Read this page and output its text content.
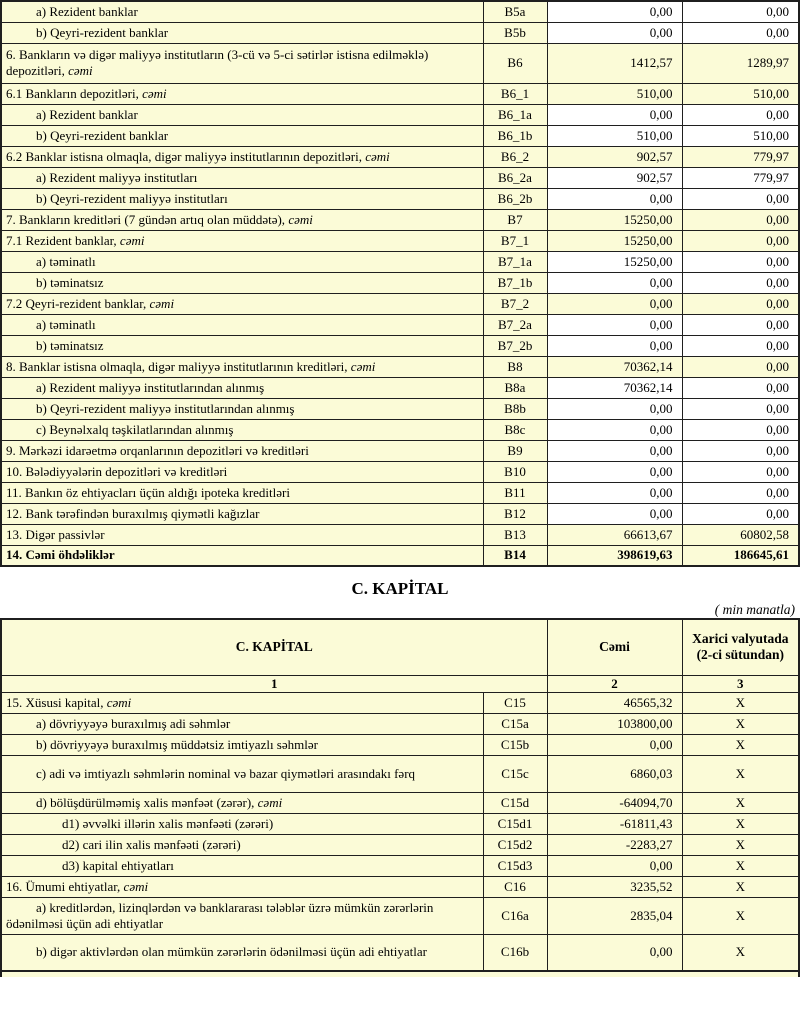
a) Rezident banklar	B5a	0,00	0,00
b) Qeyri-rezident banklar	B5b	0,00	0,00
6. Bankların və digər maliyyə institutların (3-cü və 5-ci sətirlər istisna edilməklə) depozitləri, cəmi	B6	1412,57	1289,97
6.1 Bankların depozitləri, cəmi	B6_1	510,00	510,00
a) Rezident banklar	B6_1a	0,00	0,00
b) Qeyri-rezident banklar	B6_1b	510,00	510,00
6.2 Banklar istisna olmaqla, digər maliyyə institutlarının depozitləri, cəmi	B6_2	902,57	779,97
a) Rezident maliyyə institutları	B6_2a	902,57	779,97
b) Qeyri-rezident maliyyə institutları	B6_2b	0,00	0,00
7. Bankların kreditləri (7 gündən artıq olan müddətə), cəmi	B7	15250,00	0,00
7.1 Rezident banklar, cəmi	B7_1	15250,00	0,00
a) təminatlı	B7_1a	15250,00	0,00
b) təminatsız	B7_1b	0,00	0,00
7.2 Qeyri-rezident banklar, cəmi	B7_2	0,00	0,00
a) təminatlı	B7_2a	0,00	0,00
b) təminatsız	B7_2b	0,00	0,00
8. Banklar istisna olmaqla, digər maliyyə institutlarının kreditləri, cəmi	B8	70362,14	0,00
a) Rezident maliyyə institutlarından alınmış	B8a	70362,14	0,00
b) Qeyri-rezident maliyyə institutlarından alınmış	B8b	0,00	0,00
c) Beynəlxalq təşkilatlarından alınmış	B8c	0,00	0,00
9. Mərkəzi idarəetmə orqanlarının depozitləri və kreditləri	B9	0,00	0,00
10. Bələdiyyələrin depozitləri və kreditləri	B10	0,00	0,00
11. Bankın öz ehtiyacları üçün aldığı ipoteka kreditləri	B11	0,00	0,00
12. Bank tərəfindən buraxılmış qiymətli kağızlar	B12	0,00	0,00
13. Digər passivlər	B13	66613,67	60802,58
14. Cəmi öhdəliklər	B14	398619,63	186645,61
C. KAPİTAL
( min manatla)
C. KAPİTAL		Cəmi	Xarici valyutada (2-ci sütundan)
1		2	3
15. Xüsusi kapital, cəmi	C15	46565,32	X
a) dövriyyəyə buraxılmış adi səhmlər	C15a	103800,00	X
b) dövriyyəyə buraxılmış müddətsiz imtiyazlı səhmlər	C15b	0,00	X
c) adi və imtiyazlı səhmlərin nominal və bazar qiymətləri arasındakı fərq	C15c	6860,03	X
d) bölüşdürülməmiş xalis mənfəət (zərər), cəmi	C15d	-64094,70	X
d1) əvvəlki illərin xalis mənfəəti (zərəri)	C15d1	-61811,43	X
d2) cari ilin xalis mənfəəti (zərəri)	C15d2	-2283,27	X
d3) kapital ehtiyatları	C15d3	0,00	X
16. Ümumi ehtiyatlar, cəmi	C16	3235,52	X
a) kreditlərdən, lizinqlərdən və banklararası tələblər üzrə mümkün zərərlərin ödənilməsi üçün adi ehtiyatlar	C16a	2835,04	X
b) digər aktivlərdən olan mümkün zərərlərin ödənilməsi üçün adi ehtiyatlar	C16b	0,00	X
